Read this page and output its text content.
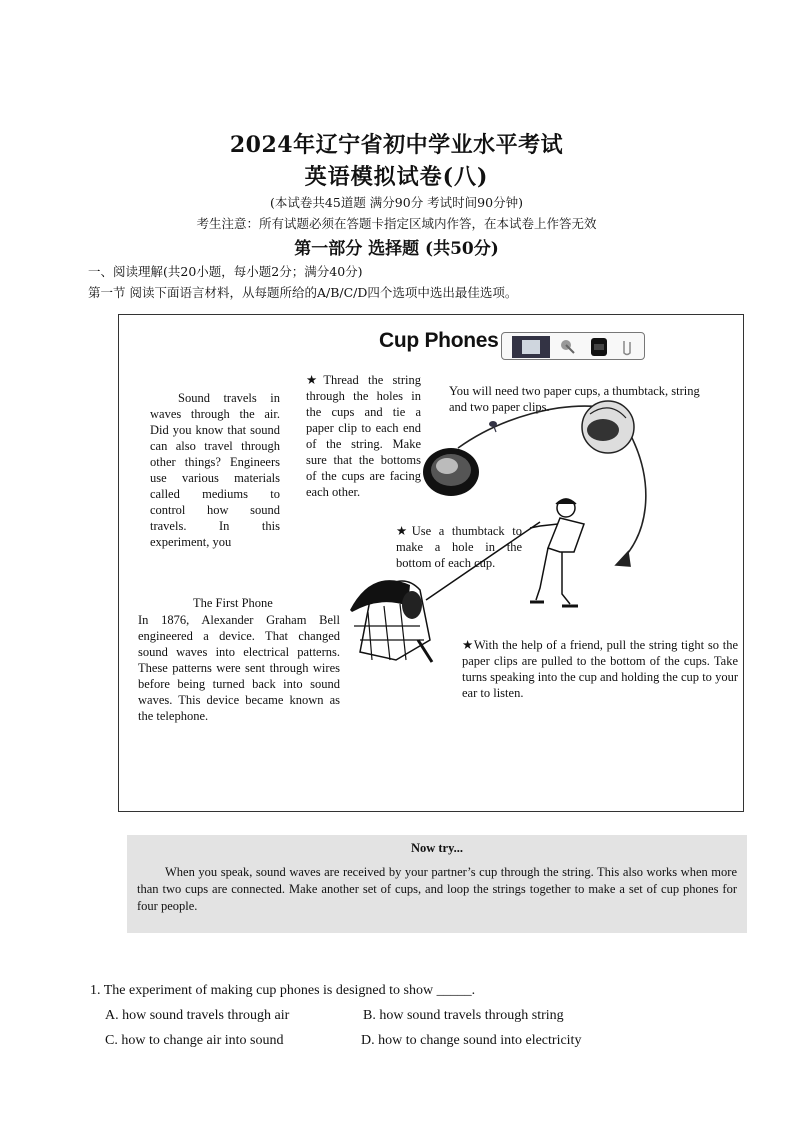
2024年辽宁省初中学业水平考试
英语模拟试卷(八)
(本试卷共45道题 满分90分 考试时间90分钟)
考生注意：所有试题必须在答题卡指定区域内作答，在本试卷上作答无效
第一部分 选择题 (共50分)
一、阅读理解(共20小题，每小题2分；满分40分)
第一节 阅读下面语言材料，从每题所给的A/B/C/D四个选项中选出最佳选项。
Cup Phones
Sound travels in waves through the air. Did you know that sound can also travel through other things? Engineers use various materials called mediums to control how sound travels. In this experiment, you
★Thread the string through the holes in the cups and tie a paper clip to each end of the string. Make sure that the bottoms of the cups are facing each other.
You will need two paper cups, a thumbtack, string and two paper clips.
★Use a thumbtack to make a hole in the bottom of each cup.
The First Phone
In 1876, Alexander Graham Bell engineered a device. That changed sound waves into electrical patterns. These patterns were sent through wires before being turned back into sound waves. This device became known as the telephone.
★With the help of a friend, pull the string tight so the paper clips are pulled to the bottom of the cups. Take turns speaking into the cup and holding the cup to your ear to listen.
Now try...
When you speak, sound waves are received by your partner’s cup through the string. This also works when more than two cups are connected. Make another set of cups, and loop the strings together to make a set of cup phones for four people.
1. The experiment of making cup phones is designed to show _____.
A. how sound travels through air	B. how sound travels through string
C. how to change air into sound	D. how to change sound into electricity
